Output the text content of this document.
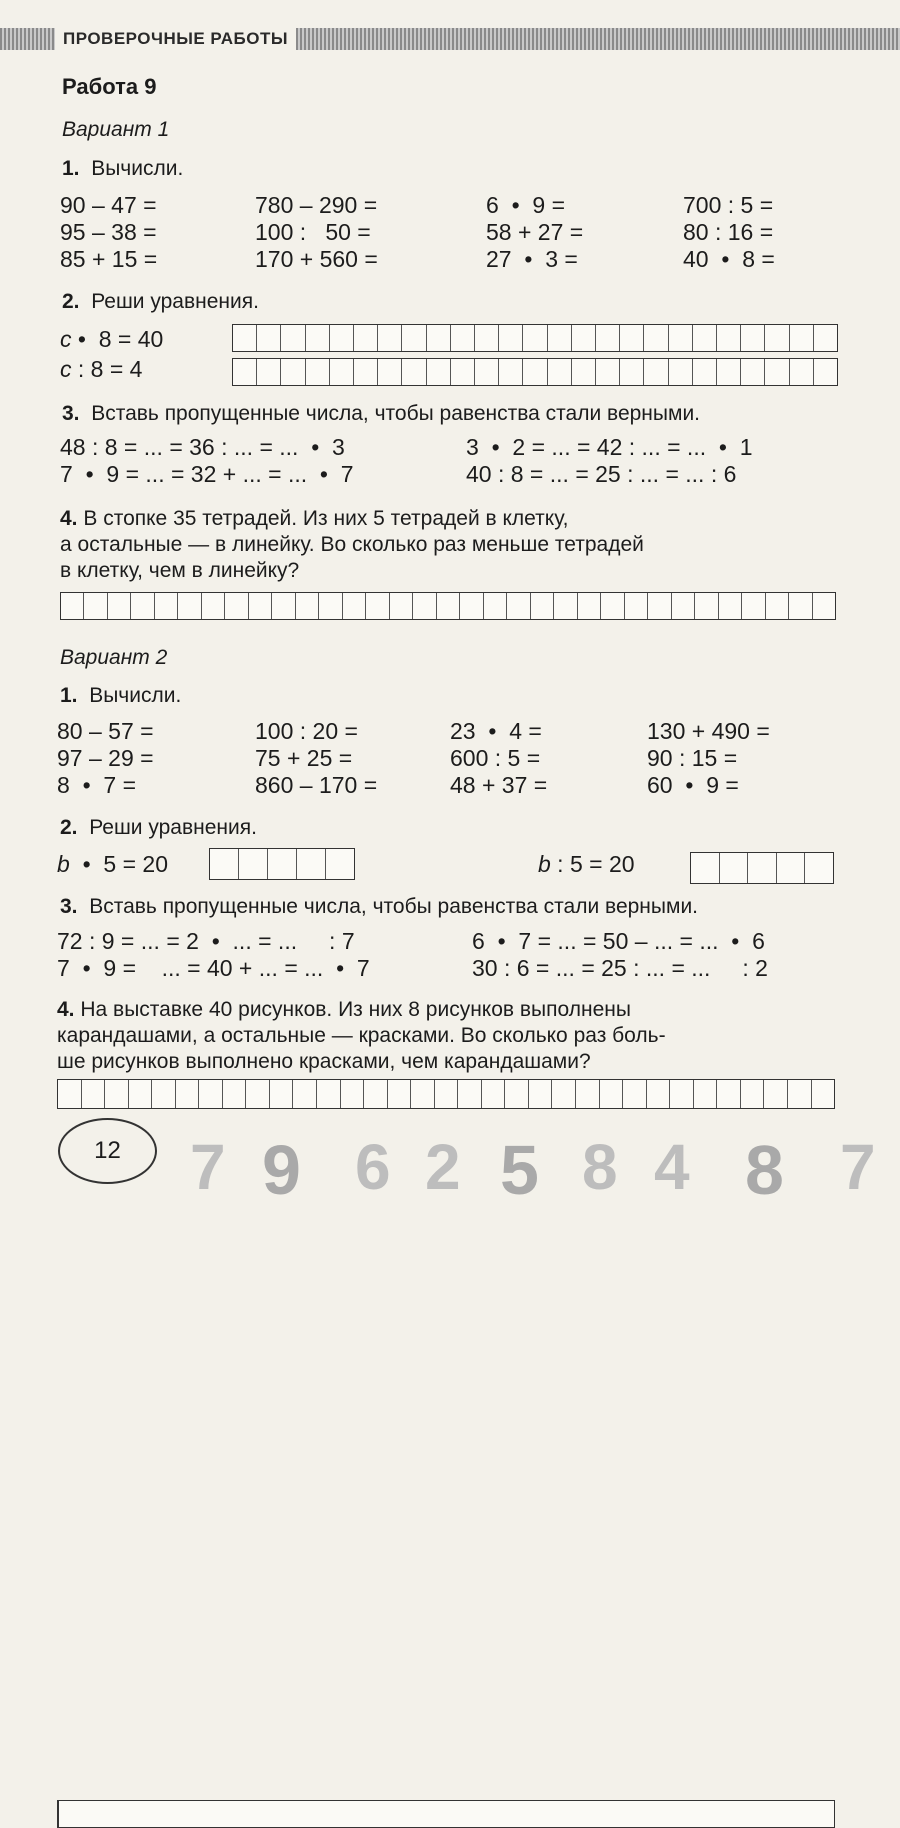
ПРОВЕРОЧНЫЕ РАБОТЫ
Работа 9
Вариант 1
1. Вычисли.
90 – 47 =
95 – 38 =
85 + 15 =
780 – 290 =
100 :   50 =
170 + 560 =
6  •  9 =
58 + 27 =
27  •  3 =
700 : 5 =
80 : 16 =
40  •  8 =
2. Реши уравнения.
c •  8 = 40
c : 8 = 4
3. Вставь пропущенные числа, чтобы равенства стали верными.
48 : 8 = ... = 36 : ... = ...  •  3
7  •  9 = ... = 32 + ... = ...  •  7
3  •  2 = ... = 42 : ... = ...  •  1
40 : 8 = ... = 25 : ... = ... : 6
4. В стопке 35 тетрадей. Из них 5 тетрадей в клетку,
а остальные — в линейку. Во сколько раз меньше тетрадей
в клетку, чем в линейку?
Вариант 2
1. Вычисли.
80 – 57 =
97 – 29 =
8  •  7 =
100 : 20 =
75 + 25 =
860 – 170 =
23  •  4 =
600 : 5 =
48 + 37 =
130 + 490 =
90 : 15 =
60  •  9 =
2. Реши уравнения.
b  •  5 = 20	b : 5 = 20
3. Вставь пропущенные числа, чтобы равенства стали верными.
72 : 9 = ... = 2  •  ... = ...     : 7
7  •  9 =    ... = 40 + ... = ...  •  7
6  •  7 = ... = 50 – ... = ...  •  6
30 : 6 = ... = 25 : ... = ...     : 2
4. На выставке 40 рисунков. Из них 8 рисунков выполнены
карандашами, а остальные — красками. Во сколько раз боль-
ше рисунков выполнено красками, чем карандашами?
12	7 9 6 2 5 8 4 8 7
